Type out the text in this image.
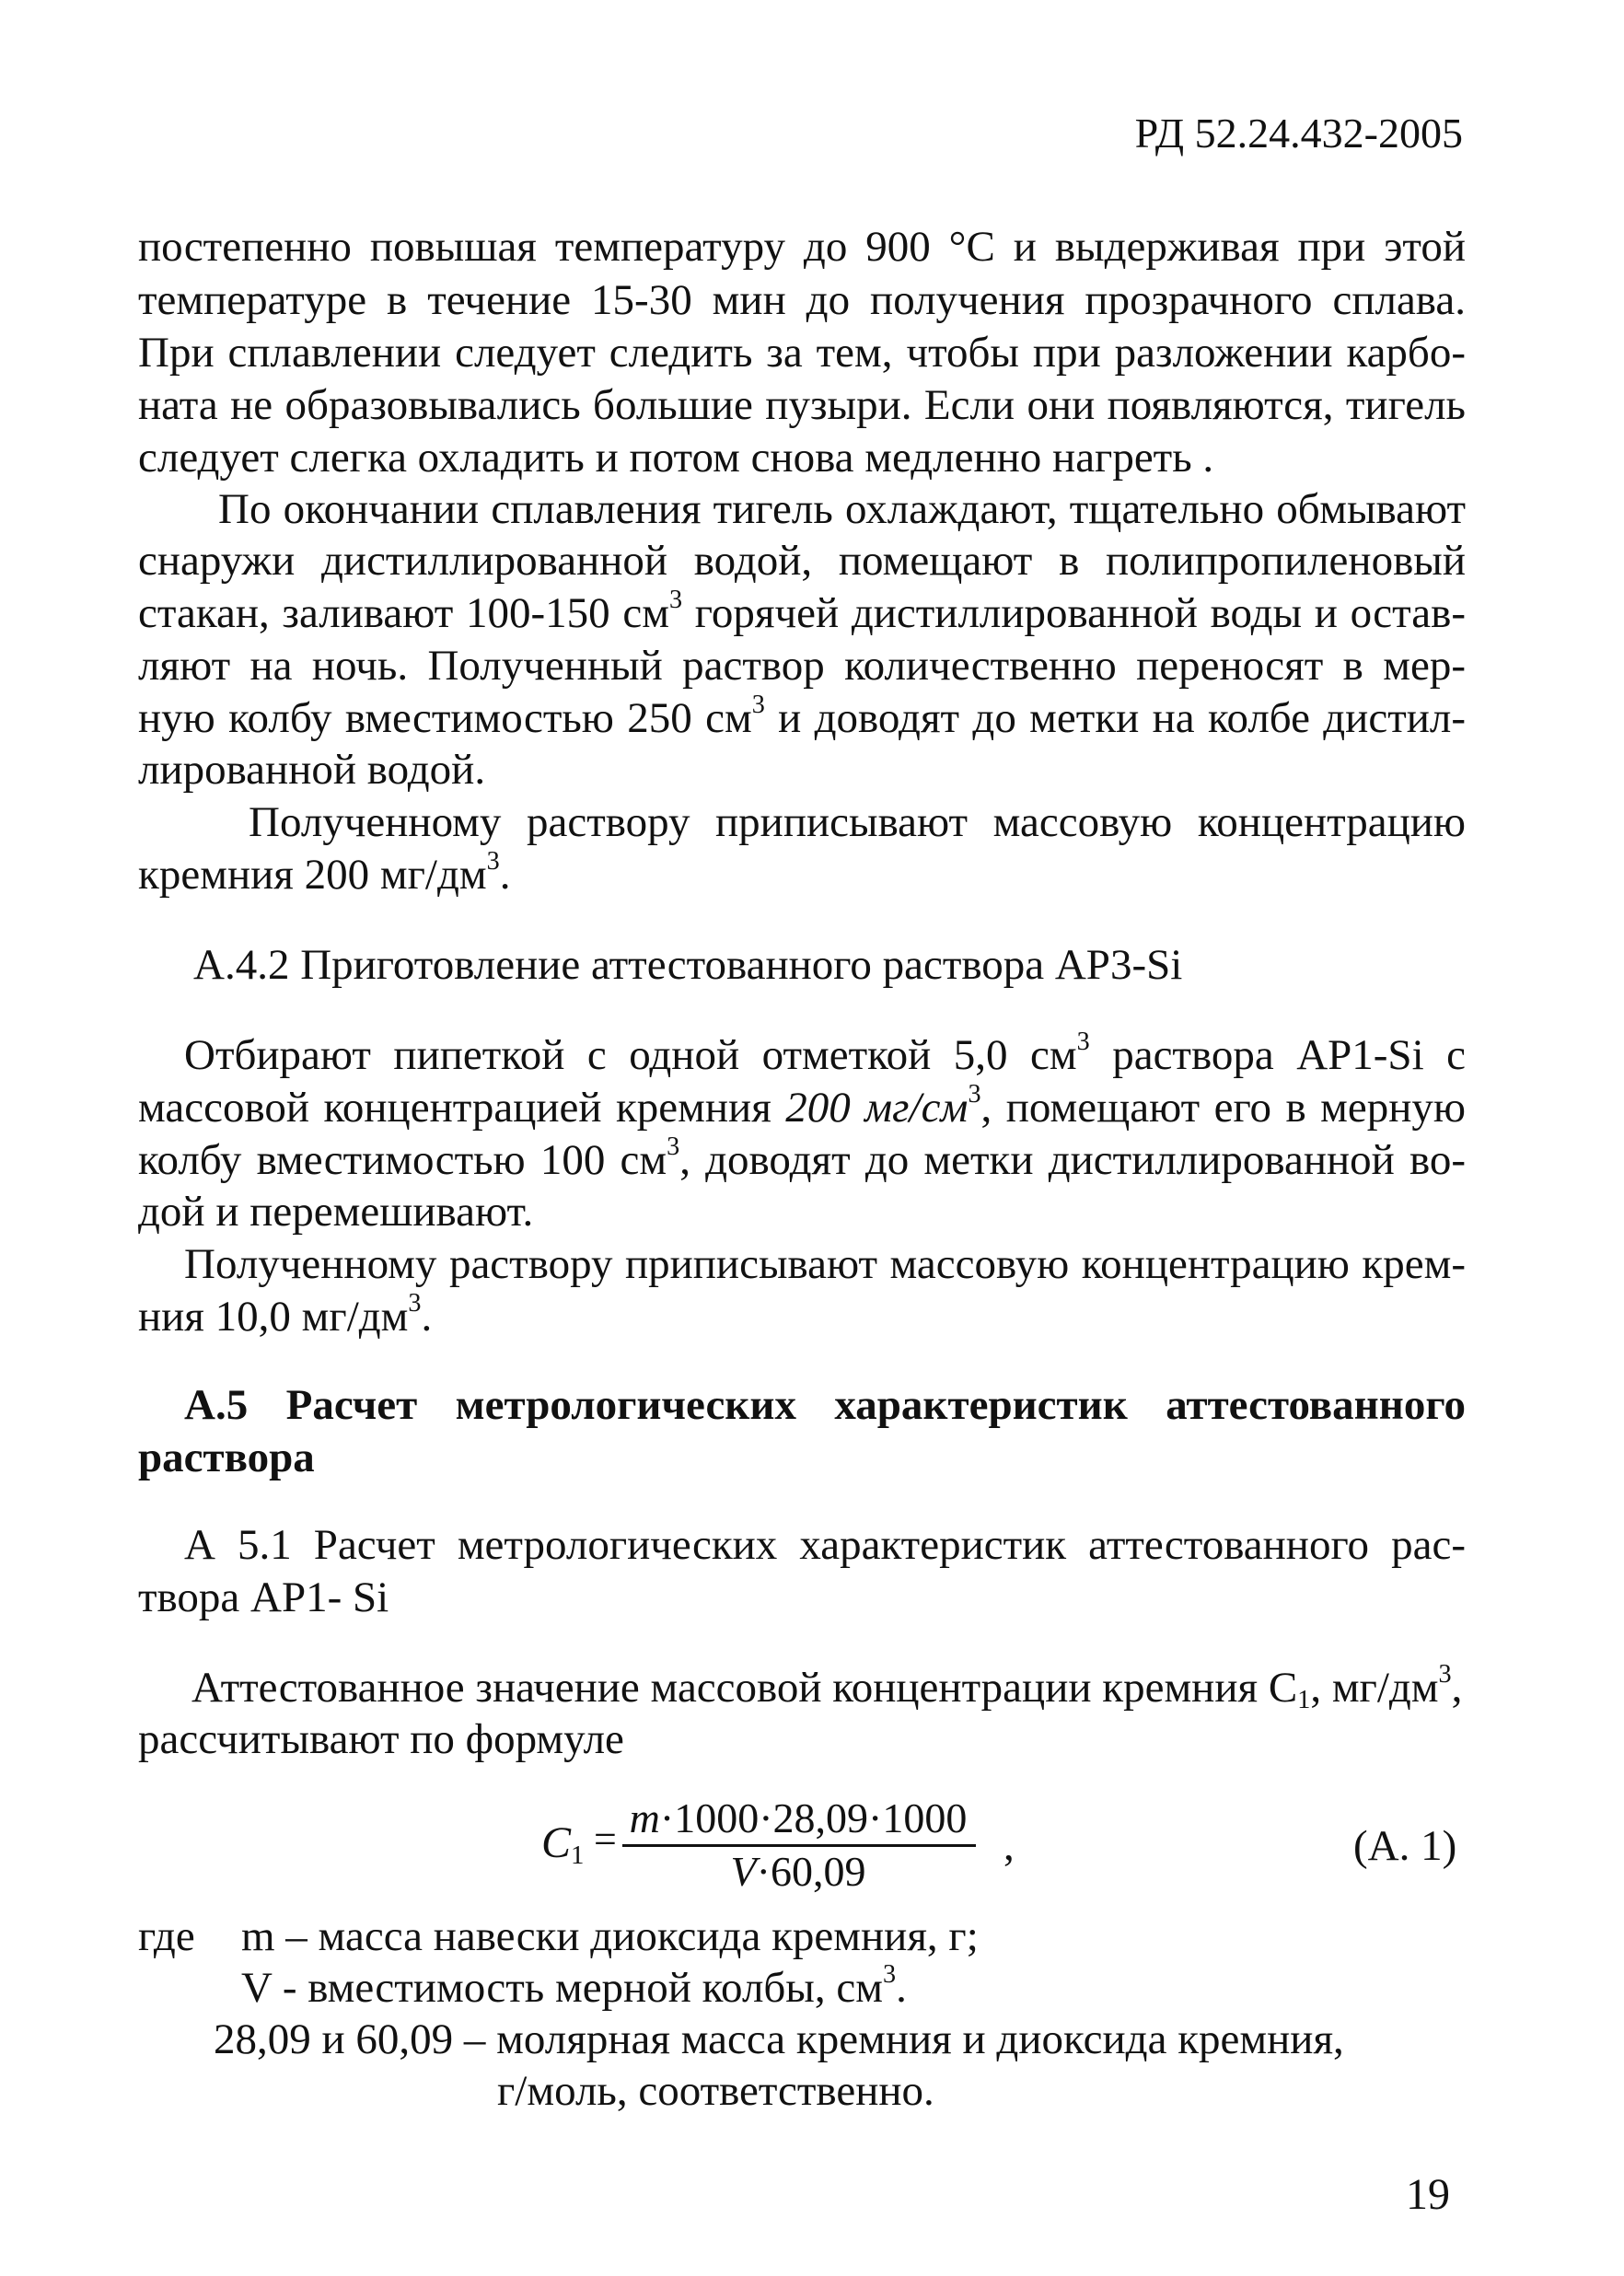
РД 52.24.432-2005
постепенно повышая температуру до 900 °С и выдерживая при этой
температуре в течение 15-30 мин до получения прозрачного сплава.
При сплавлении следует следить за тем, чтобы при разложении карбо-
ната не образовывались большие пузыри. Если они появляются, тигель
следует слегка охладить и потом снова медленно нагреть .
По окончании сплавления тигель охлаждают, тщательно обмывают
снаружи дистиллированной водой, помещают в полипропиленовый
стакан, заливают 100-150 $см^3$ горячей дистиллированной воды и остав-
ляют на ночь. Полученный раствор количественно переносят в мер-
ную колбу вместимостью 250 $см^3$ и доводят до метки на колбе дистил-
лированной водой.
Полученному раствору приписывают массовую концентрацию
кремния 200 $мг/дм^3$.
А.4.2 Приготовление аттестованного раствора АР3-Si
Отбирают пипеткой с одной отметкой 5,0 $см^3$ раствора АР1-Si с
массовой концентрацией кремния 200 $мг/см^3$, помещают его в мерную
колбу вместимостью 100 $см^3$, доводят до метки дистиллированной во-
дой и перемешивают.
Полученному раствору приписывают массовую концентрацию крем-
ния 10,0 $мг/дм^3$.
А.5 Расчет метрологических характеристик аттестованного
раствора
А 5.1 Расчет метрологических характеристик аттестованного рас-
твора АР1- Si
Аттестованное значение массовой концентрации кремния $С_1$, $мг/дм^3$,
рассчитывают по формуле
$C_1 = m\cdot 1000\cdot 28,09\cdot 1000$
V·60,09
,	(А. 1)
где m – масса навески диоксида кремния, г;
V - вместимость мерной колбы, $см^3$.
28,09 и 60,09 – молярная масса кремния и диоксида кремния,
г/моль, соответственно.
19
